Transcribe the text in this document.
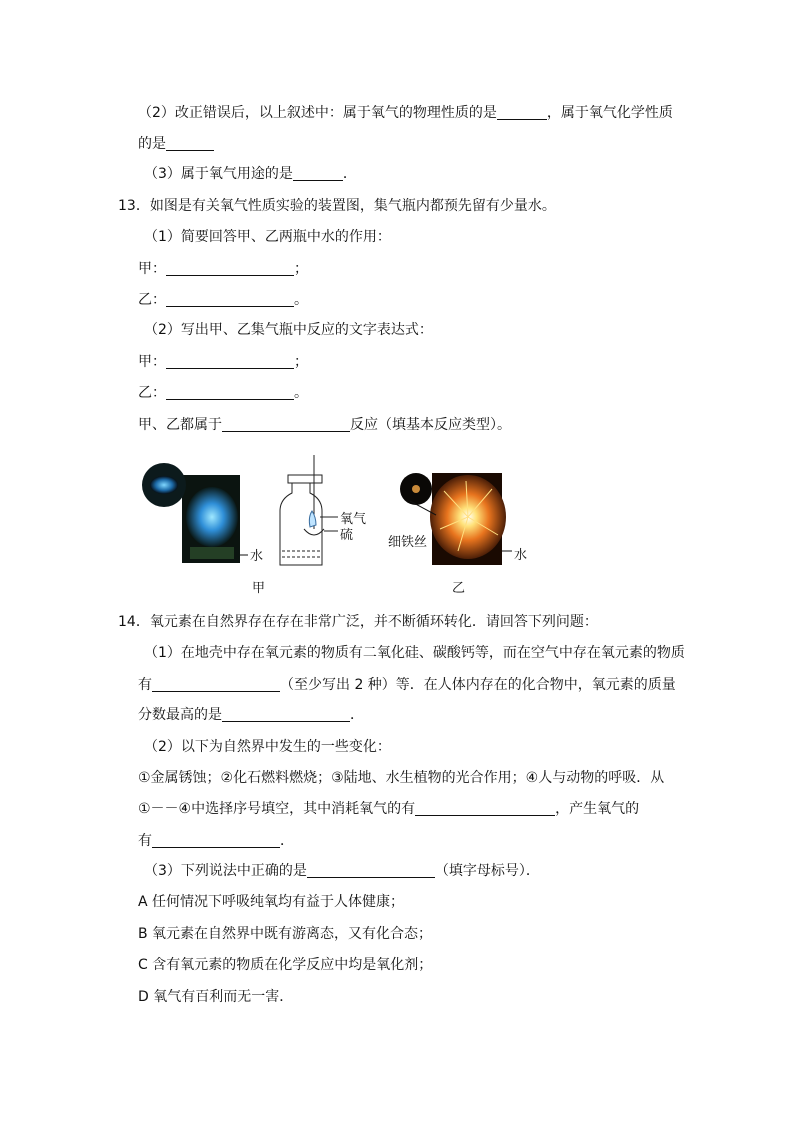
（2）改正错误后，以上叙述中：属于氧气的物理性质的是	，属于氧气化学性质
的是
（3）属于氧气用途的是	．
13．如图是有关氧气性质实验的装置图，集气瓶内都预先留有少量水。
（1）简要回答甲、乙两瓶中水的作用：
甲：	；
乙：	。
（2）写出甲、乙集气瓶中反应的文字表达式：
甲：	；
乙：	。
甲、乙都属于	反应（填基本反应类型）。
水
氧气
硫	细铁丝
水
甲	乙
14．氧元素在自然界存在存在非常广泛，并不断循环转化．请回答下列问题：
（1）在地壳中存在氧元素的物质有二氧化硅、碳酸钙等，而在空气中存在氧元素的物质
有	（至少写出 2 种）等．在人体内存在的化合物中，氧元素的质量
分数最高的是	．
（2）以下为自然界中发生的一些变化：
①金属锈蚀；②化石燃料燃烧；③陆地、水生植物的光合作用；④人与动物的呼吸．从
①－－④中选择序号填空，其中消耗氧气的有	，产生氧气的
有	．
（3）下列说法中正确的是	（填字母标号）．
A 任何情况下呼吸纯氧均有益于人体健康；
B 氧元素在自然界中既有游离态，又有化合态；
C 含有氧元素的物质在化学反应中均是氧化剂；
D 氧气有百利而无一害．
